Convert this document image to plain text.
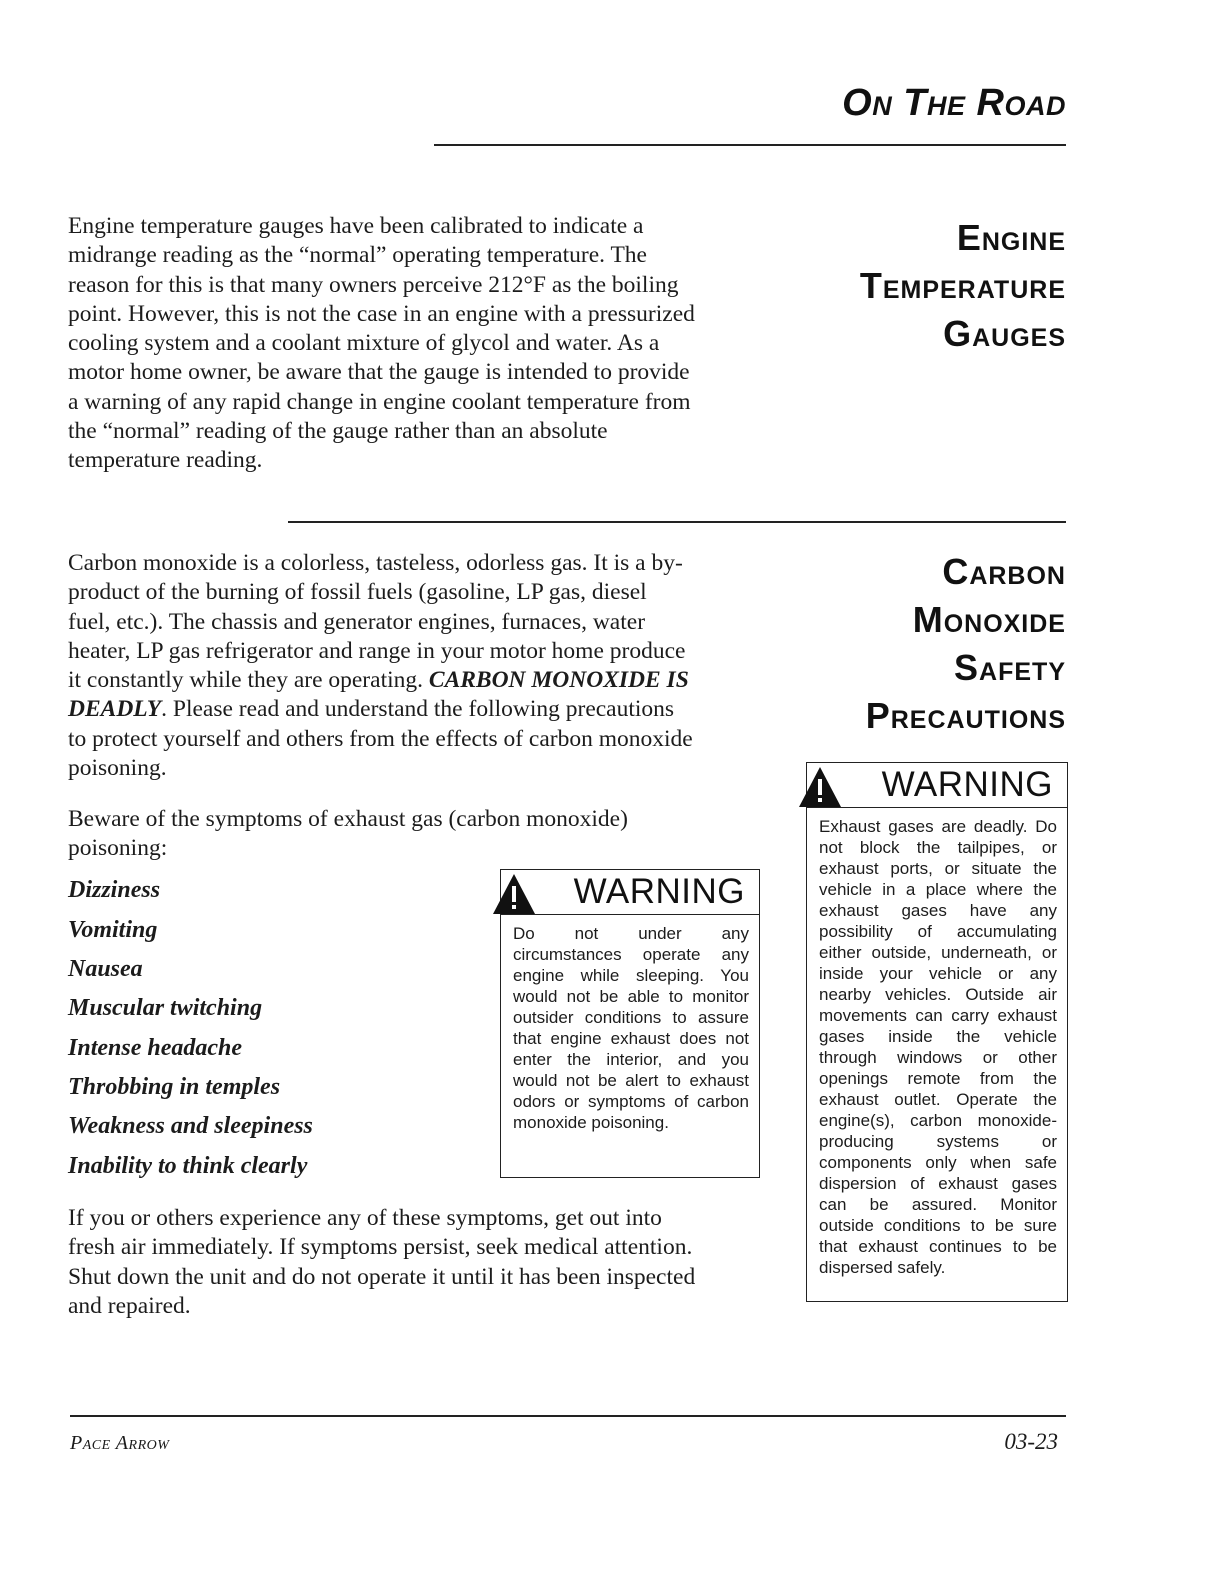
On The Road

Engine temperature gauges have been calibrated to indicate a midrange reading as the “normal” operating temperature. The reason for this is that many owners perceive 212°F as the boiling point. However, this is not the case in an engine with a pressurized cooling system and a coolant mixture of glycol and water. As a motor home owner, be aware that the gauge is intended to provide a warning of any rapid change in engine coolant temperature from the “normal” reading of the gauge rather than an absolute temperature reading.

Engine
Temperature
Gauges

Carbon monoxide is a colorless, tasteless, odorless gas. It is a by-product of the burning of fossil fuels (gasoline, LP gas, diesel fuel, etc.). The chassis and generator engines, furnaces, water heater, LP gas refrigerator and range in your motor home produce it constantly while they are operating. CARBON MONOXIDE IS DEADLY. Please read and understand the following precautions to protect yourself and others from the effects of carbon monoxide poisoning.

Carbon
Monoxide
Safety
Precautions

Beware of the symptoms of exhaust gas (carbon monoxide) poisoning:

Dizziness
Vomiting
Nausea
Muscular twitching
Intense headache
Throbbing in temples
Weakness and sleepiness
Inability to think clearly
WARNING
Do not under any circumstances operate any engine while sleeping. You would not be able to monitor outsider conditions to assure that engine exhaust does not enter the interior, and you would not be alert to exhaust odors or symptoms of carbon monoxide poisoning.
WARNING
Exhaust gases are deadly. Do not block the tailpipes, or exhaust ports, or situate the vehicle in a place where the exhaust gases have any possibility of accumulating either outside, underneath, or inside your vehicle or any nearby vehicles. Outside air movements can carry exhaust gases inside the vehicle through windows or other openings remote from the exhaust outlet. Operate the engine(s), carbon monoxide-producing systems or components only when safe dispersion of exhaust gases can be assured. Monitor outside conditions to be sure that exhaust continues to be dispersed safely.

If you or others experience any of these symptoms, get out into fresh air immediately. If symptoms persist, seek medical attention. Shut down the unit and do not operate it until it has been inspected and repaired.

Pace Arrow	03-23
